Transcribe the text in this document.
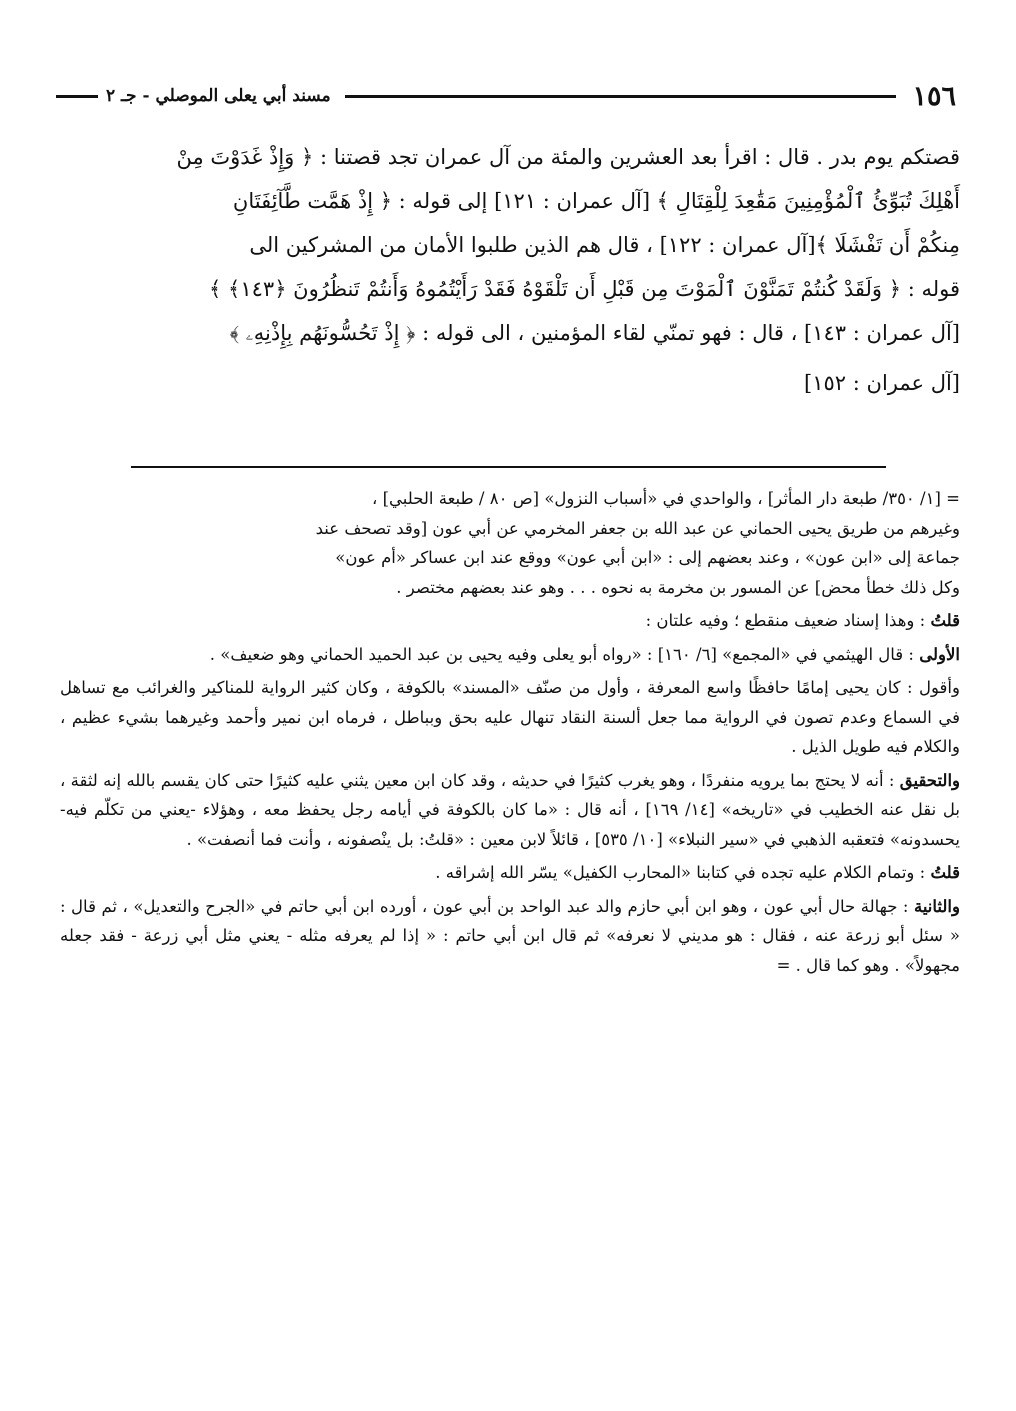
١٥٦
مسند أبي يعلى الموصلي - جـ ٢

قصتكم يوم بدر . قال : اقرأ بعد العشرين والمئة من آل عمران تجد قصتنا : ﴿ وَإِذْ غَدَوْتَ مِنْ

أَهْلِكَ تُبَوِّئُ ٱلْمُؤْمِنِينَ مَقَٰعِدَ لِلْقِتَالِ ﴾ [آل عمران : ١٢١] إلى قوله : ﴿ إِذْ هَمَّت طَّآئِفَتَانِ

مِنكُمْ أَن تَفْشَلَا ﴾[آل عمران : ١٢٢] ، قال هم الذين طلبوا الأمان من المشركين الى

قوله : ﴿ وَلَقَدْ كُنتُمْ تَمَنَّوْنَ ٱلْمَوْتَ مِن قَبْلِ أَن تَلْقَوْهُ فَقَدْ رَأَيْتُمُوهُ وَأَنتُمْ تَنظُرُونَ ﴿١٤٣﴾ ﴾

[آل عمران : ١٤٣] ، قال : فهو تمنّي لقاء المؤمنين ، الى قوله : ﴿ إِذْ تَحُسُّونَهُم بِإِذْنِهِۦ ﴾

[آل عمران : ١٥٢]

= [١/ ٣٥٠/ طبعة دار المأثر] ، والواحدي في «أسباب النزول» [ص ٨٠ / طبعة الحلبي] ،

وغيرهم من طريق يحيى الحماني عن عبد الله بن جعفر المخرمي عن أبي عون [وقد تصحف عند

جماعة إلى «ابن عون» ، وعند بعضهم إلى : «ابن أبي عون» ووقع عند ابن عساكر «أم عون»

وكل ذلك خطأ محض] عن المسور بن مخرمة به نحوه . . . وهو عند بعضهم مختصر .

قلتُ : وهذا إسناد ضعيف منقطع ؛ وفيه علتان :

الأولى : قال الهيثمي في «المجمع» [٦/ ١٦٠] : «رواه أبو يعلى وفيه يحيى بن عبد الحميد الحماني وهو ضعيف» .

وأقول : كان يحيى إمامًا حافظًا واسع المعرفة ، وأول من صنّف «المسند» بالكوفة ، وكان كثير الرواية للمناكير والغرائب مع تساهل في السماع وعدم تصون في الرواية مما جعل ألسنة النقاد تنهال عليه بحق وبباطل ، فرماه ابن نمير وأحمد وغيرهما بشيء عظيم ، والكلام فيه طويل الذيل .

والتحقيق : أنه لا يحتج بما يرويه منفردًا ، وهو يغرب كثيرًا في حديثه ، وقد كان ابن معين يثني عليه كثيرًا حتى كان يقسم بالله إنه لثقة ، بل نقل عنه الخطيب في «تاريخه» [١٤/ ١٦٩] ، أنه قال : «ما كان بالكوفة في أيامه رجل يحفظ معه ، وهؤلاء -يعني من تكلّم فيه- يحسدونه» فتعقبه الذهبي في «سير النبلاء» [١٠/ ٥٣٥] ، قائلاً لابن معين : «قلتُ: بل ينْصفونه ، وأنت فما أنصفت» .

قلتُ : وتمام الكلام عليه تجده في كتابنا «المحارب الكفيل» يسّر الله إشراقه .

والثانية : جهالة حال أبي عون ، وهو ابن أبي حازم والد عبد الواحد بن أبي عون ، أورده ابن أبي حاتم في «الجرح والتعديل» ، ثم قال : « سئل أبو زرعة عنه ، فقال : هو مديني لا نعرفه» ثم قال ابن أبي حاتم : « إذا لم يعرفه مثله - يعني مثل أبي زرعة - فقد جعله مجهولاً» . وهو كما قال . =
